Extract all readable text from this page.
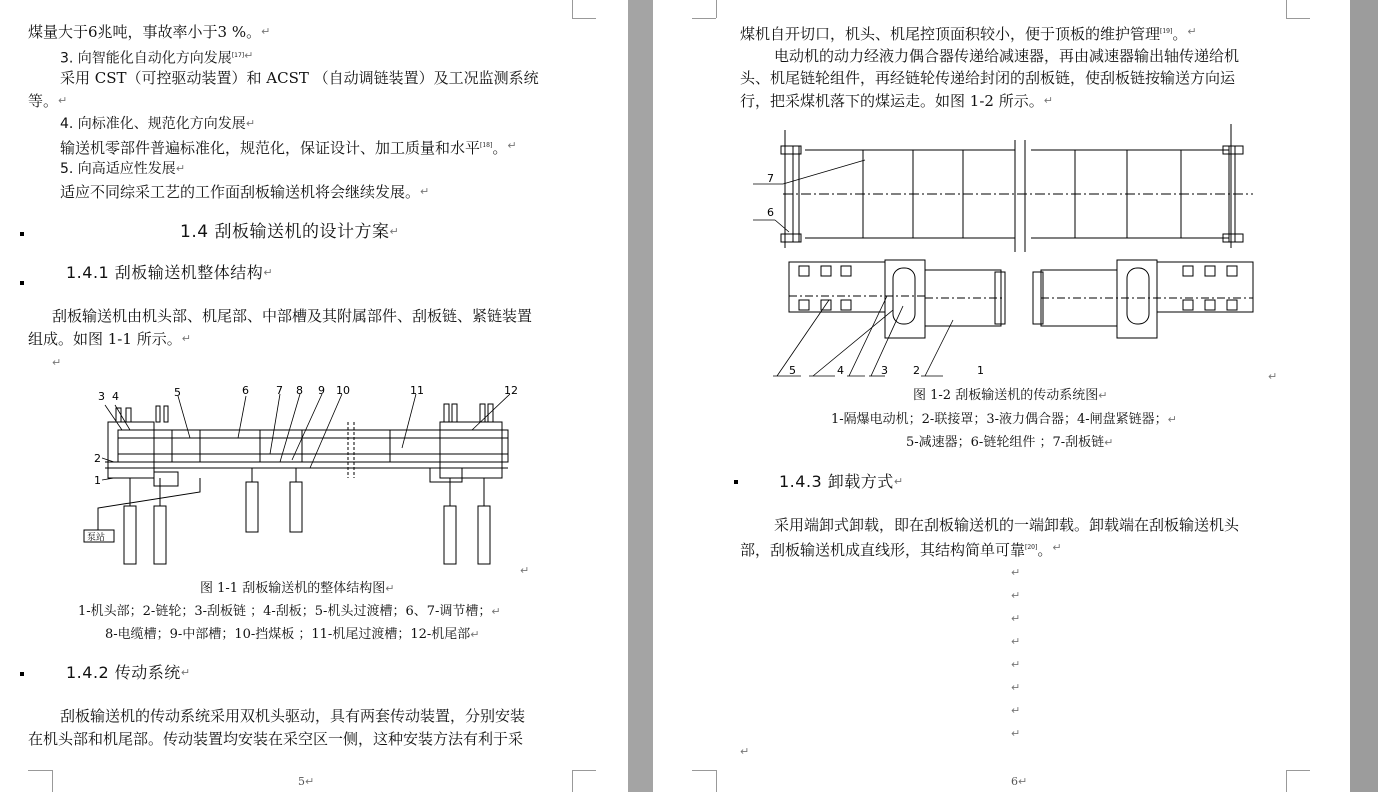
煤量大于6兆吨，事故率小于3 %。 ↵
3. 向智能化自动化方向发展[17] ↵
采用 CST（可控驱动装置）和 ACST （自动调链装置）及工况监测系统
等。 ↵
4. 向标准化、规范化方向发展 ↵
输送机零部件普遍标准化，规范化，保证设计、加工质量和水平[18]。 ↵
5. 向高适应性发展 ↵
适应不同综采工艺的工作面刮板输送机将会继续发展。 ↵
1.4 刮板输送机的设计方案 ↵
1.4.1 刮板输送机整体结构 ↵
刮板输送机由机头部、机尾部、中部槽及其附属部件、刮板链、紧链装置
组成。如图 1-1 所示。 ↵
↵
3 4	5	6 7 8 9 10	11	12
2
1
泵站
↵
图 1-1 刮板输送机的整体结构图 ↵
1-机头部；2-链轮；3-刮板链 ；4-刮板；5-机头过渡槽；6、7-调节槽； ↵
8-电缆槽；9-中部槽；10-挡煤板 ；11-机尾过渡槽；12-机尾部 ↵
1.4.2 传动系统 ↵
刮板输送机的传动系统采用双机头驱动，具有两套传动装置，分别安装
在机头部和机尾部。传动装置均安装在采空区一侧，这种安装方法有利于采
5 ↵
煤机自开切口，机头、机尾控顶面积较小，便于顶板的维护管理[19]。 ↵
电动机的动力经液力偶合器传递给减速器，再由减速器输出轴传递给机
头、机尾链轮组件，再经链轮传递给封闭的刮板链，使刮板链按输送方向运
行，把采煤机落下的煤运走。如图 1-2 所示。 ↵
7
6
5	4	3 2	1	↵
图 1-2 刮板输送机的传动系统图 ↵
1-隔爆电动机；2-联接罩；3-液力偶合器；4-闸盘紧链器； ↵
5-减速器；6-链轮组件 ；7-刮板链 ↵
1.4.3 卸载方式 ↵
采用端卸式卸载，即在刮板输送机的一端卸载。卸载端在刮板输送机头
部，刮板输送机成直线形，其结构简单可靠[20]。 ↵
↵
↵
↵
↵
↵
↵
↵
↵
↵
6 ↵
